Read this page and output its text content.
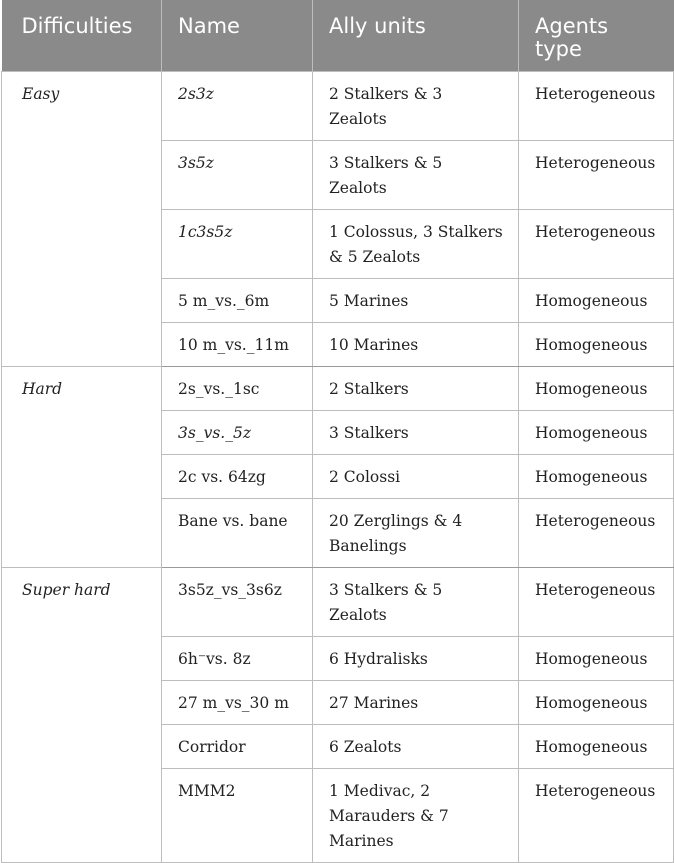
Difficulties	Name	Ally units	Agents type
Easy	2s3z	2 Stalkers & 3 Zealots	Heterogeneous
	3s5z	3 Stalkers & 5 Zealots	Heterogeneous
	1c3s5z	1 Colossus, 3 Stalkers & 5 Zealots	Heterogeneous
	5 m_vs._6m	5 Marines	Homogeneous
	10 m_vs._11m	10 Marines	Homogeneous
Hard	2s_vs._1sc	2 Stalkers	Homogeneous
	3s_vs._5z	3 Stalkers	Homogeneous
	2c vs. 64zg	2 Colossi	Homogeneous
	Bane vs. bane	20 Zerglings & 4 Banelings	Heterogeneous
Super hard	3s5z_vs_3s6z	3 Stalkers & 5 Zealots	Heterogeneous
	6h⁻vs. 8z	6 Hydralisks	Homogeneous
	27 m_vs_30 m	27 Marines	Homogeneous
	Corridor	6 Zealots	Homogeneous
	MMM2	1 Medivac, 2 Marauders & 7 Marines	Heterogeneous
